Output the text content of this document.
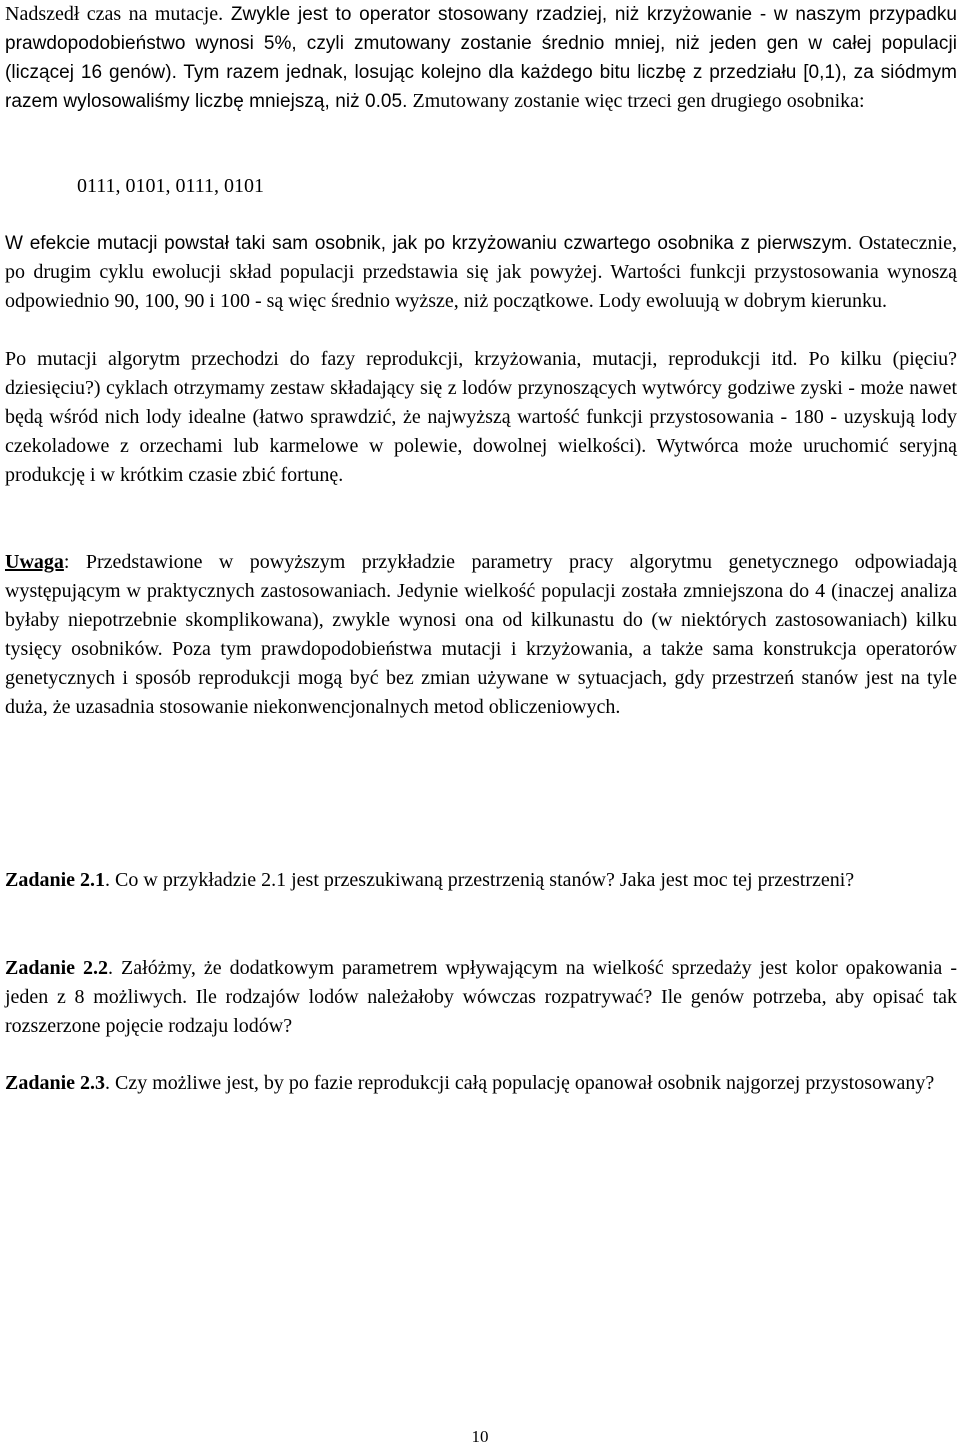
Nadszedł czas na mutacje. Zwykle jest to operator stosowany rzadziej, niż krzyżowanie - w naszym przypadku prawdopodobieństwo wynosi 5%, czyli zmutowany zostanie średnio mniej, niż jeden gen w całej populacji (liczącej 16 genów). Tym razem jednak, losując kolejno dla każdego bitu liczbę z przedziału [0,1), za siódmym razem wylosowaliśmy liczbę mniejszą, niż 0.05. Zmutowany zostanie więc trzeci gen drugiego osobnika:

0111, 0101, 0111, 0101

W efekcie mutacji powstał taki sam osobnik, jak po krzyżowaniu czwartego osobnika z pierwszym. Ostatecznie, po drugim cyklu ewolucji skład populacji przedstawia się jak powyżej. Wartości funkcji przystosowania wynoszą odpowiednio 90, 100, 90 i 100 - są więc średnio wyższe, niż początkowe. Lody ewoluują w dobrym kierunku.

Po mutacji algorytm przechodzi do fazy reprodukcji, krzyżowania, mutacji, reprodukcji itd. Po kilku (pięciu? dziesięciu?) cyklach otrzymamy zestaw składający się z lodów przynoszących wytwórcy godziwe zyski - może nawet będą wśród nich lody idealne (łatwo sprawdzić, że najwyższą wartość funkcji przystosowania - 180 - uzyskują lody czekoladowe z orzechami lub karmelowe w polewie, dowolnej wielkości). Wytwórca może uruchomić seryjną produkcję i w krótkim czasie zbić fortunę.

Uwaga: Przedstawione w powyższym przykładzie parametry pracy algorytmu genetycznego odpowiadają występującym w praktycznych zastosowaniach. Jedynie wielkość populacji została zmniejszona do 4 (inaczej analiza byłaby niepotrzebnie skomplikowana), zwykle wynosi ona od kilkunastu do (w niektórych zastosowaniach) kilku tysięcy osobników. Poza tym prawdopodobieństwa mutacji i krzyżowania, a także sama konstrukcja operatorów genetycznych i sposób reprodukcji mogą być bez zmian używane w sytuacjach, gdy przestrzeń stanów jest na tyle duża, że uzasadnia stosowanie niekonwencjonalnych metod obliczeniowych.

Zadanie 2.1. Co w przykładzie 2.1 jest przeszukiwaną przestrzenią stanów? Jaka jest moc tej przestrzeni?

Zadanie 2.2. Załóżmy, że dodatkowym parametrem wpływającym na wielkość sprzedaży jest kolor opakowania - jeden z 8 możliwych. Ile rodzajów lodów należałoby wówczas rozpatrywać? Ile genów potrzeba, aby opisać tak rozszerzone pojęcie rodzaju lodów?

Zadanie 2.3. Czy możliwe jest, by po fazie reprodukcji całą populację opanował osobnik najgorzej przystosowany?

10
